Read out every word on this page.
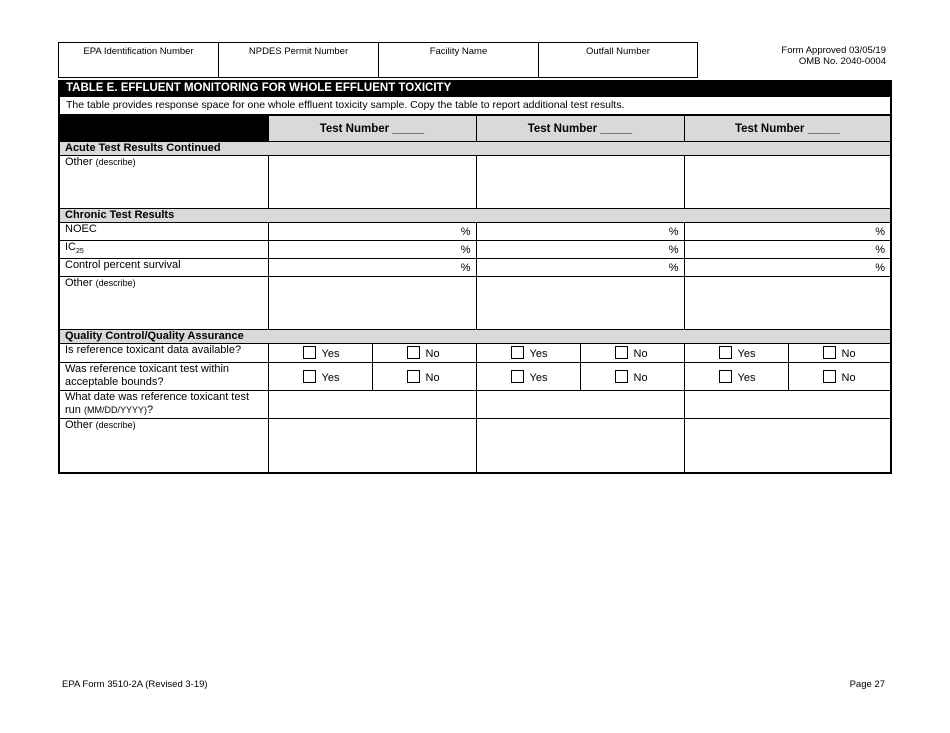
EPA Identification Number	NPDES Permit Number	Facility Name	Outfall Number	Form Approved 03/05/19
OMB No. 2040-0004
TABLE E. EFFLUENT MONITORING FOR WHOLE EFFLUENT TOXICITY
The table provides response space for one whole effluent toxicity sample. Copy the table to report additional test results.
	Test Number _____		Test Number _____		Test Number _____	
Acute Test Results Continued						
Other (describe)						
Chronic Test Results						
NOEC	%		%		%	
$IC_{25}$	%		%		%	
Control percent survival	%		%		%	
Other (describe)						
Quality Control/Quality Assurance						
Is reference toxicant data available?	Yes	No	Yes	No	Yes	No
Was reference toxicant test within acceptable bounds?	Yes	No	Yes	No	Yes	No
What date was reference toxicant test run (MM/DD/YYYY)?						
Other (describe)						
EPA Form 3510-2A (Revised 3-19)	Page 27
